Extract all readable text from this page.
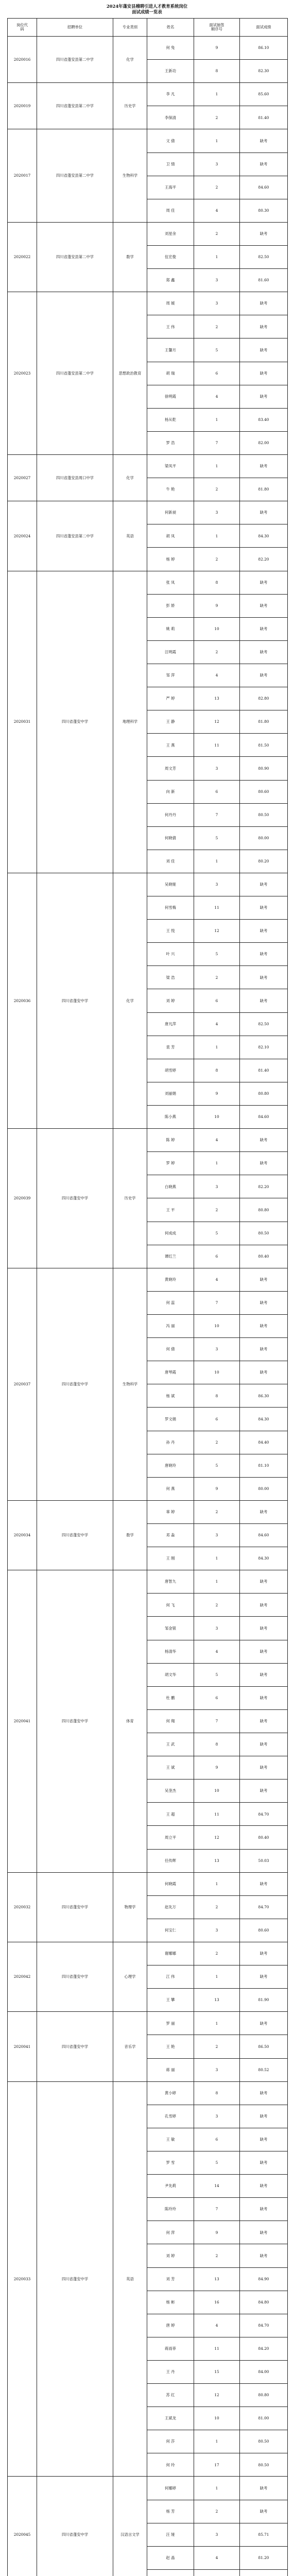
2024年蓬安县稽聘引进人才教育系统岗位
面试成绩一览表
岗位代
码	招聘单位	专业类别	姓名	面试抽签
顺序号	面试成绩
2020016	四川省蓬安县第二中学	化学	何 兔	9	86.10
			王新功	8	82.30
2020019	四川省蓬安县第二中学	历史学	李 凡	1	85.60
			李保清	2	81.40
2020017	四川省蓬安县第二中学	生物科学	文 倩	1	缺考
			卫 情	3	缺考
			王海平	2	84.60
			周 佳	4	80.30
2020022	四川省蓬安县第二中学	数学	刘星余	2	缺考
			伍宏俊	1	82.50
			郑 鑫	3	81.60
2020023	四川省蓬安县第二中学	思想政治教育	周 媛	3	缺考
			王 伟	2	缺考
			王馨月	5	缺考
			胡 瑞	6	缺考
			徐明霞	4	缺考
			杨从乾	1	83.40
			罗 浩	7	82.00
2020027	四川省蓬安县周口中学	化学	梁凤平	1	缺考
			牛 艳	2	81.80
2020024	四川省蓬安县第二中学	英语	何新昶	3	缺考
			胡 凤	1	84.30
			杨 婷	2	82.20
2020031	四川省蓬安中学	地理科学	张 凤	8	缺考
			彭 娇	9	缺考
			姚 莉	10	缺考
			汪明霞	2	缺考
			邹 萍	4	缺考
			严 婷	13	82.80
			王 静	12	81.80
			王 燕	11	81.50
			周文芳	3	80.90
			向 新	6	80.60
			何丹丹	7	80.50
			何晓倩	5	80.00
			刘 佳	1	80.20
2020036	四川省蓬安中学	化学	吴晓娅	3	缺考
			何雪梅	11	缺考
			王 悦	12	缺考
			叶 兴	5	缺考
			梁 浩	2	缺考
			刘 婷	6	缺考
			唐凡萍	4	82.50
			袁 芳	1	82.10
			胡雪婷	8	81.40
			刘丽娟	9	80.80
			陈小燕	10	84.60
2020039	四川省蓬安中学	历史学	陈 婷	4	缺考
			罗 婷	1	缺考
			白晓燕	3	82.20
			王 平	2	80.80
			何成成	5	80.50
			谭红兰	6	80.40
2020037	四川省蓬安中学	生物科学	黄晓玲	4	缺考
			何 蕊	7	缺考
			冯 丽	10	缺考
			何 倩	3	缺考
			唐琴霞	10	缺考
			杨 斌	8	86.30
			罗文娟	6	84.30
			孙 丹	2	84.40
			唐晓玲	5	81.10
			何 燕	9	80.00
2020034	四川省蓬安中学	数学	辜 婷	2	缺考
			邓 淼	3	84.60
			王 刚	1	84.30
2020041	四川省蓬安中学	体育	唐智九	1	缺考
			何 飞	2	缺考
			邹金银	3	缺考
			杨清华	4	缺考
			胡文华	5	缺考
			杜 鹏	6	缺考
			何 翔	7	缺考
			王 武	8	缺考
			王 斌	9	缺考
			吴奎杰	10	缺考
			王 超	11	84.70
			周立平	12	80.40
			任传辉	13	50.03
2020032	四川省蓬安中学	物理学	何晓霞	1	缺考
			赵先万	2	84.70
			何宝仁	3	80.60
2020042	四川省蓬安中学	心理学	谢娜娜	2	缺考
			江 伟	1	缺考
			王 攀	13	81.90
2020041	四川省蓬安中学	音乐学	罗 丽	1	缺考
			王 艳	2	86.50
			蒋 丽	3	80.52
2020033	四川省蓬安中学	英语	黄小婷	8	缺考
			孔雪婷	3	缺考
			王 敏	6	缺考
			罗 雪	5	缺考
			尹先莉	14	缺考
			陈玲玲	7	缺考
			何 萍	9	缺考
			刘 婷	2	缺考
			刘 芳	13	84.90
			杨 彬	16	84.80
			唐 婷	4	84.70
			蒋雨菲	11	84.20
			王 丹	15	84.00
			苏 红	12	80.80
			王斌龙	10	81.00
			何 莎	1	80.50
			何 玲	17	80.50
2020045	四川省蓬安中学	汉语言文学	何娜婷	1	缺考
			杨 芳	2	缺考
			汪 娅	3	85.71
			赵 晶	4	81.20
